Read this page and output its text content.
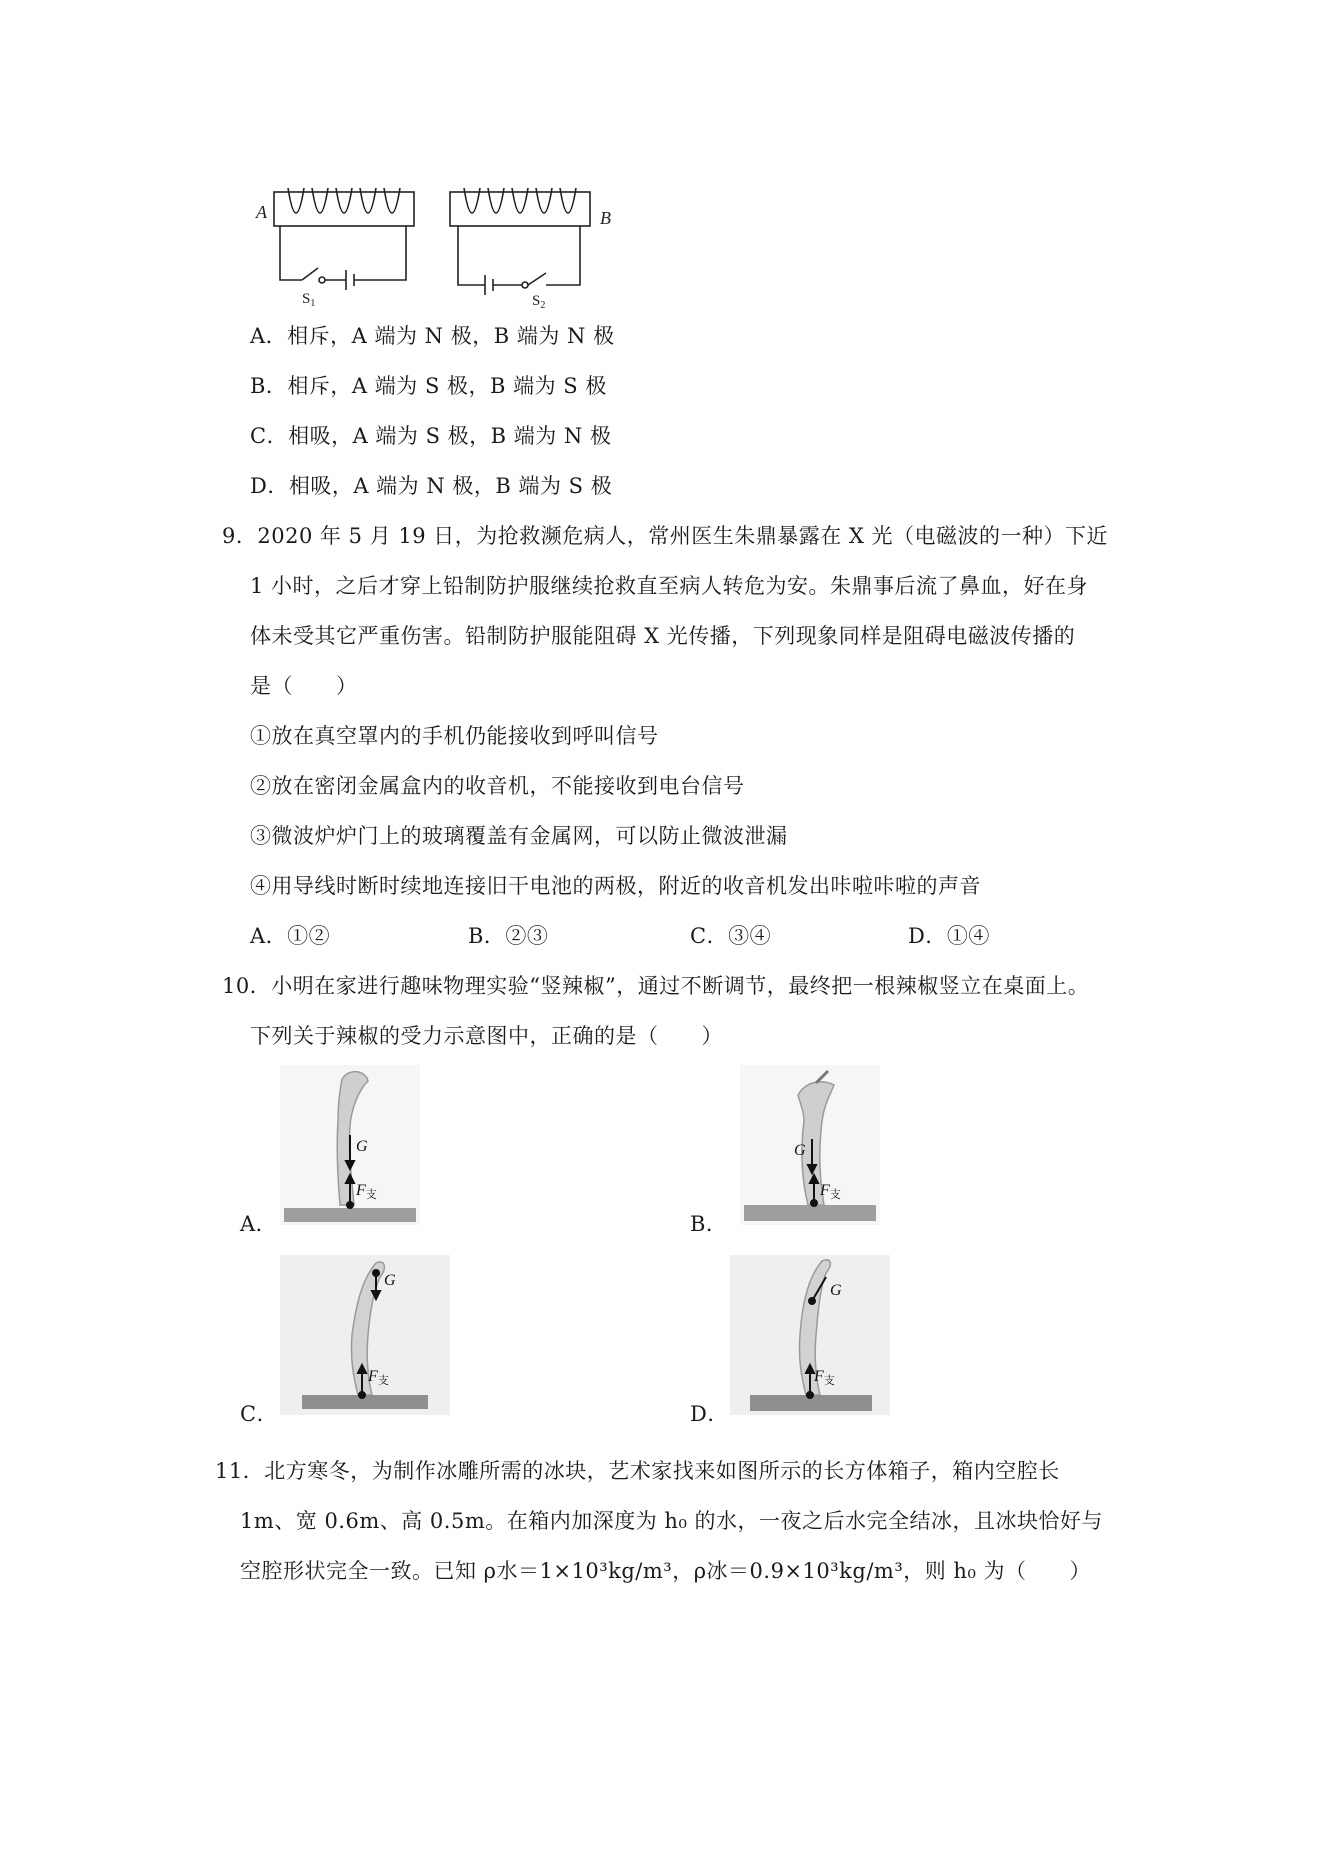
A	B
$S_1$	$S_2$
A．相斥，A 端为 N 极，B 端为 N 极
B．相斥，A 端为 S 极，B 端为 S 极
C．相吸，A 端为 S 极，B 端为 N 极
D．相吸，A 端为 N 极，B 端为 S 极
9．2020 年 5 月 19 日，为抢救濒危病人，常州医生朱鼎暴露在 X 光（电磁波的一种）下近
1 小时，之后才穿上铅制防护服继续抢救直至病人转危为安。朱鼎事后流了鼻血，好在身
体未受其它严重伤害。铅制防护服能阻碍 X 光传播，下列现象同样是阻碍电磁波传播的
是（　　）
①放在真空罩内的手机仍能接收到呼叫信号
②放在密闭金属盒内的收音机，不能接收到电台信号
③微波炉炉门上的玻璃覆盖有金属网，可以防止微波泄漏
④用导线时断时续地连接旧干电池的两极，附近的收音机发出咔啦咔啦的声音
A．①②	B．②③	C．③④	D．①④
10．小明在家进行趣味物理实验“竖辣椒”，通过不断调节，最终把一根辣椒竖立在桌面上。
下列关于辣椒的受力示意图中，正确的是（　　）
G
F支
A．
G
F支
B．
G
F支
C．
G
F支
D．
11．北方寒冬，为制作冰雕所需的冰块，艺术家找来如图所示的长方体箱子，箱内空腔长
1m、宽 0.6m、高 0.5m。在箱内加深度为 h₀ 的水，一夜之后水完全结冰，且冰块恰好与
空腔形状完全一致。已知 ρ水＝1×10³kg/m³，ρ冰＝0.9×10³kg/m³，则 h₀ 为（　　）
